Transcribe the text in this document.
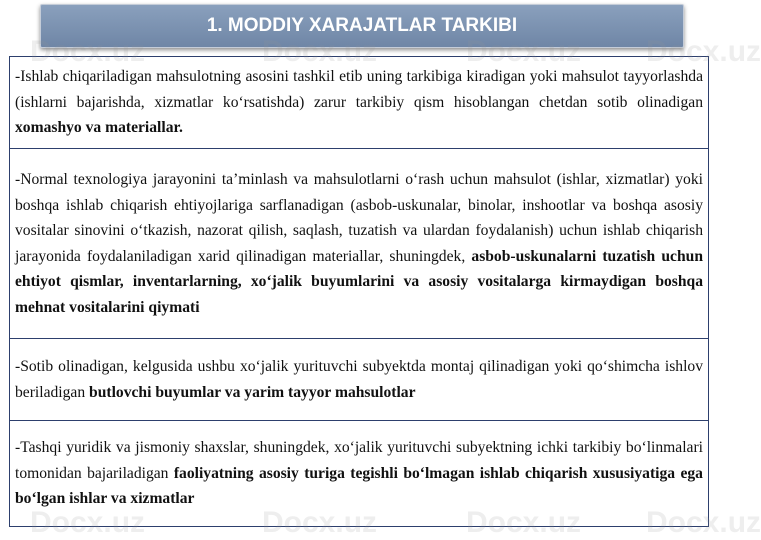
1. MODDIY XARAJATLAR TARKIBI
-Ishlab chiqariladigan mahsulotning asosini tashkil etib uning tarkibiga kiradigan yoki mahsulot tayyorlashda (ishlarni bajarishda, xizmatlar ko‘rsatishda) zarur tarkibiy qism hisoblangan chetdan sotib olinadigan xomashyo va materiallar.
-Normal texnologiya jarayonini ta’minlash va mahsulotlarni o‘rash uchun mahsulot (ishlar, xizmatlar) yoki boshqa ishlab chiqarish ehtiyojlariga sarflanadigan (asbob-uskunalar, binolar, inshootlar va boshqa asosiy vositalar sinovini o‘tkazish, nazorat qilish, saqlash, tuzatish va ulardan foydalanish) uchun ishlab chiqarish jarayonida foydalaniladigan xarid qilinadigan materiallar, shuningdek, asbob-uskunalarni tuzatish uchun ehtiyot qismlar, inventarlarning, xo‘jalik buyumlarini va asosiy vositalarga kirmaydigan boshqa mehnat vositalarini qiymati
-Sotib olinadigan, kelgusida ushbu xo‘jalik yurituvchi subyektda montaj qilinadigan yoki qo‘shimcha ishlov beriladigan butlovchi buyumlar va yarim tayyor mahsulotlar
-Tashqi yuridik va jismoniy shaxslar, shuningdek, xo‘jalik yurituvchi subyektning ichki tarkibiy bo‘linmalari tomonidan bajariladigan faoliyatning asosiy turiga tegishli bo‘lmagan ishlab chiqarish xususiyatiga ega bo‘lgan ishlar va xizmatlar
Docx.uz	Docx.uz	Docx.uz Docx.uz
